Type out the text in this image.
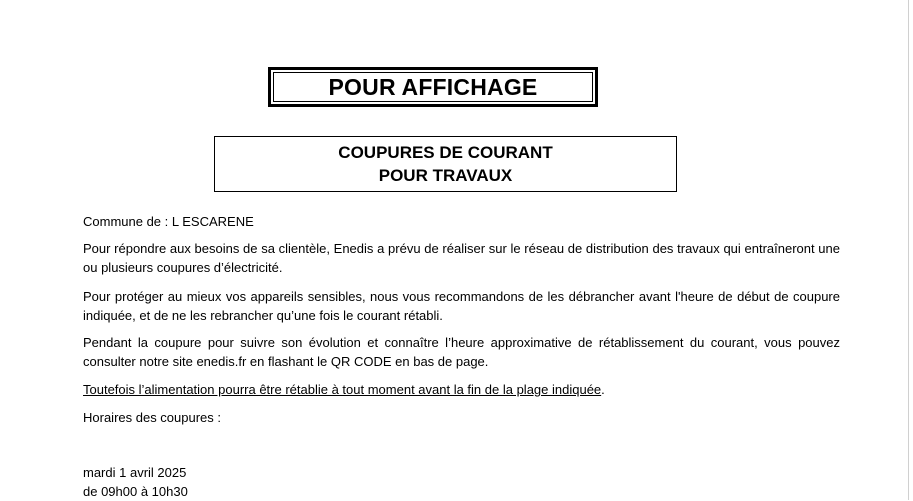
POUR AFFICHAGE
COUPURES DE COURANT
POUR TRAVAUX
Commune de : L ESCARENE
Pour répondre aux besoins de sa clientèle, Enedis a prévu de réaliser sur le réseau de distribution des travaux qui entraîneront une ou plusieurs coupures d’électricité.
Pour protéger au mieux vos appareils sensibles, nous vous recommandons de les débrancher avant l'heure de début de coupure indiquée, et de ne les rebrancher qu’une fois le courant rétabli.
Pendant la coupure pour suivre son évolution et connaître l’heure approximative de rétablissement du courant, vous pouvez consulter notre site enedis.fr en flashant le QR CODE en bas de page.
Toutefois l’alimentation pourra être rétablie à tout moment avant la fin de la plage indiquée.
Horaires des coupures :
mardi 1 avril 2025
de 09h00 à 10h30
